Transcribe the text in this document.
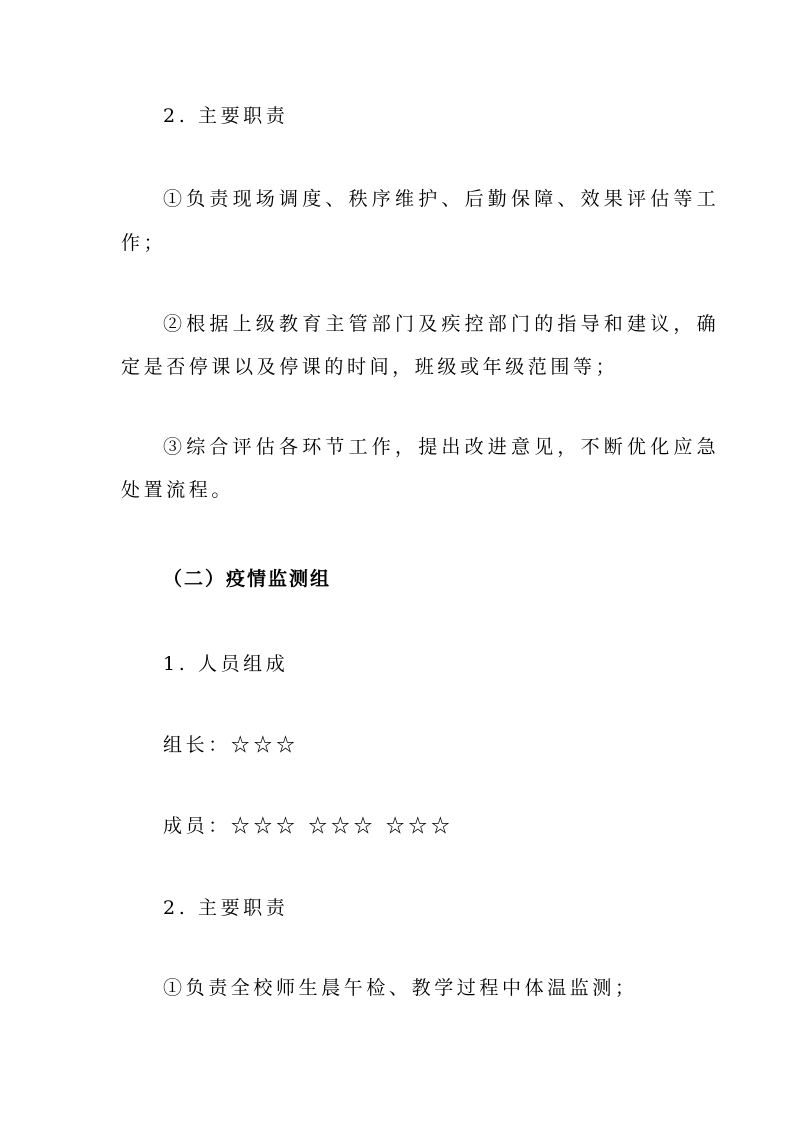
2. 主要职责
①负责现场调度、秩序维护、后勤保障、效果评估等工
作；
②根据上级教育主管部门及疾控部门的指导和建议，确
定是否停课以及停课的时间，班级或年级范围等；
③综合评估各环节工作，提出改进意见，不断优化应急
处置流程。
（二）疫情监测组
1. 人员组成
组长：☆☆☆
成员：☆☆☆ ☆☆☆ ☆☆☆
2. 主要职责
①负责全校师生晨午检、教学过程中体温监测；
